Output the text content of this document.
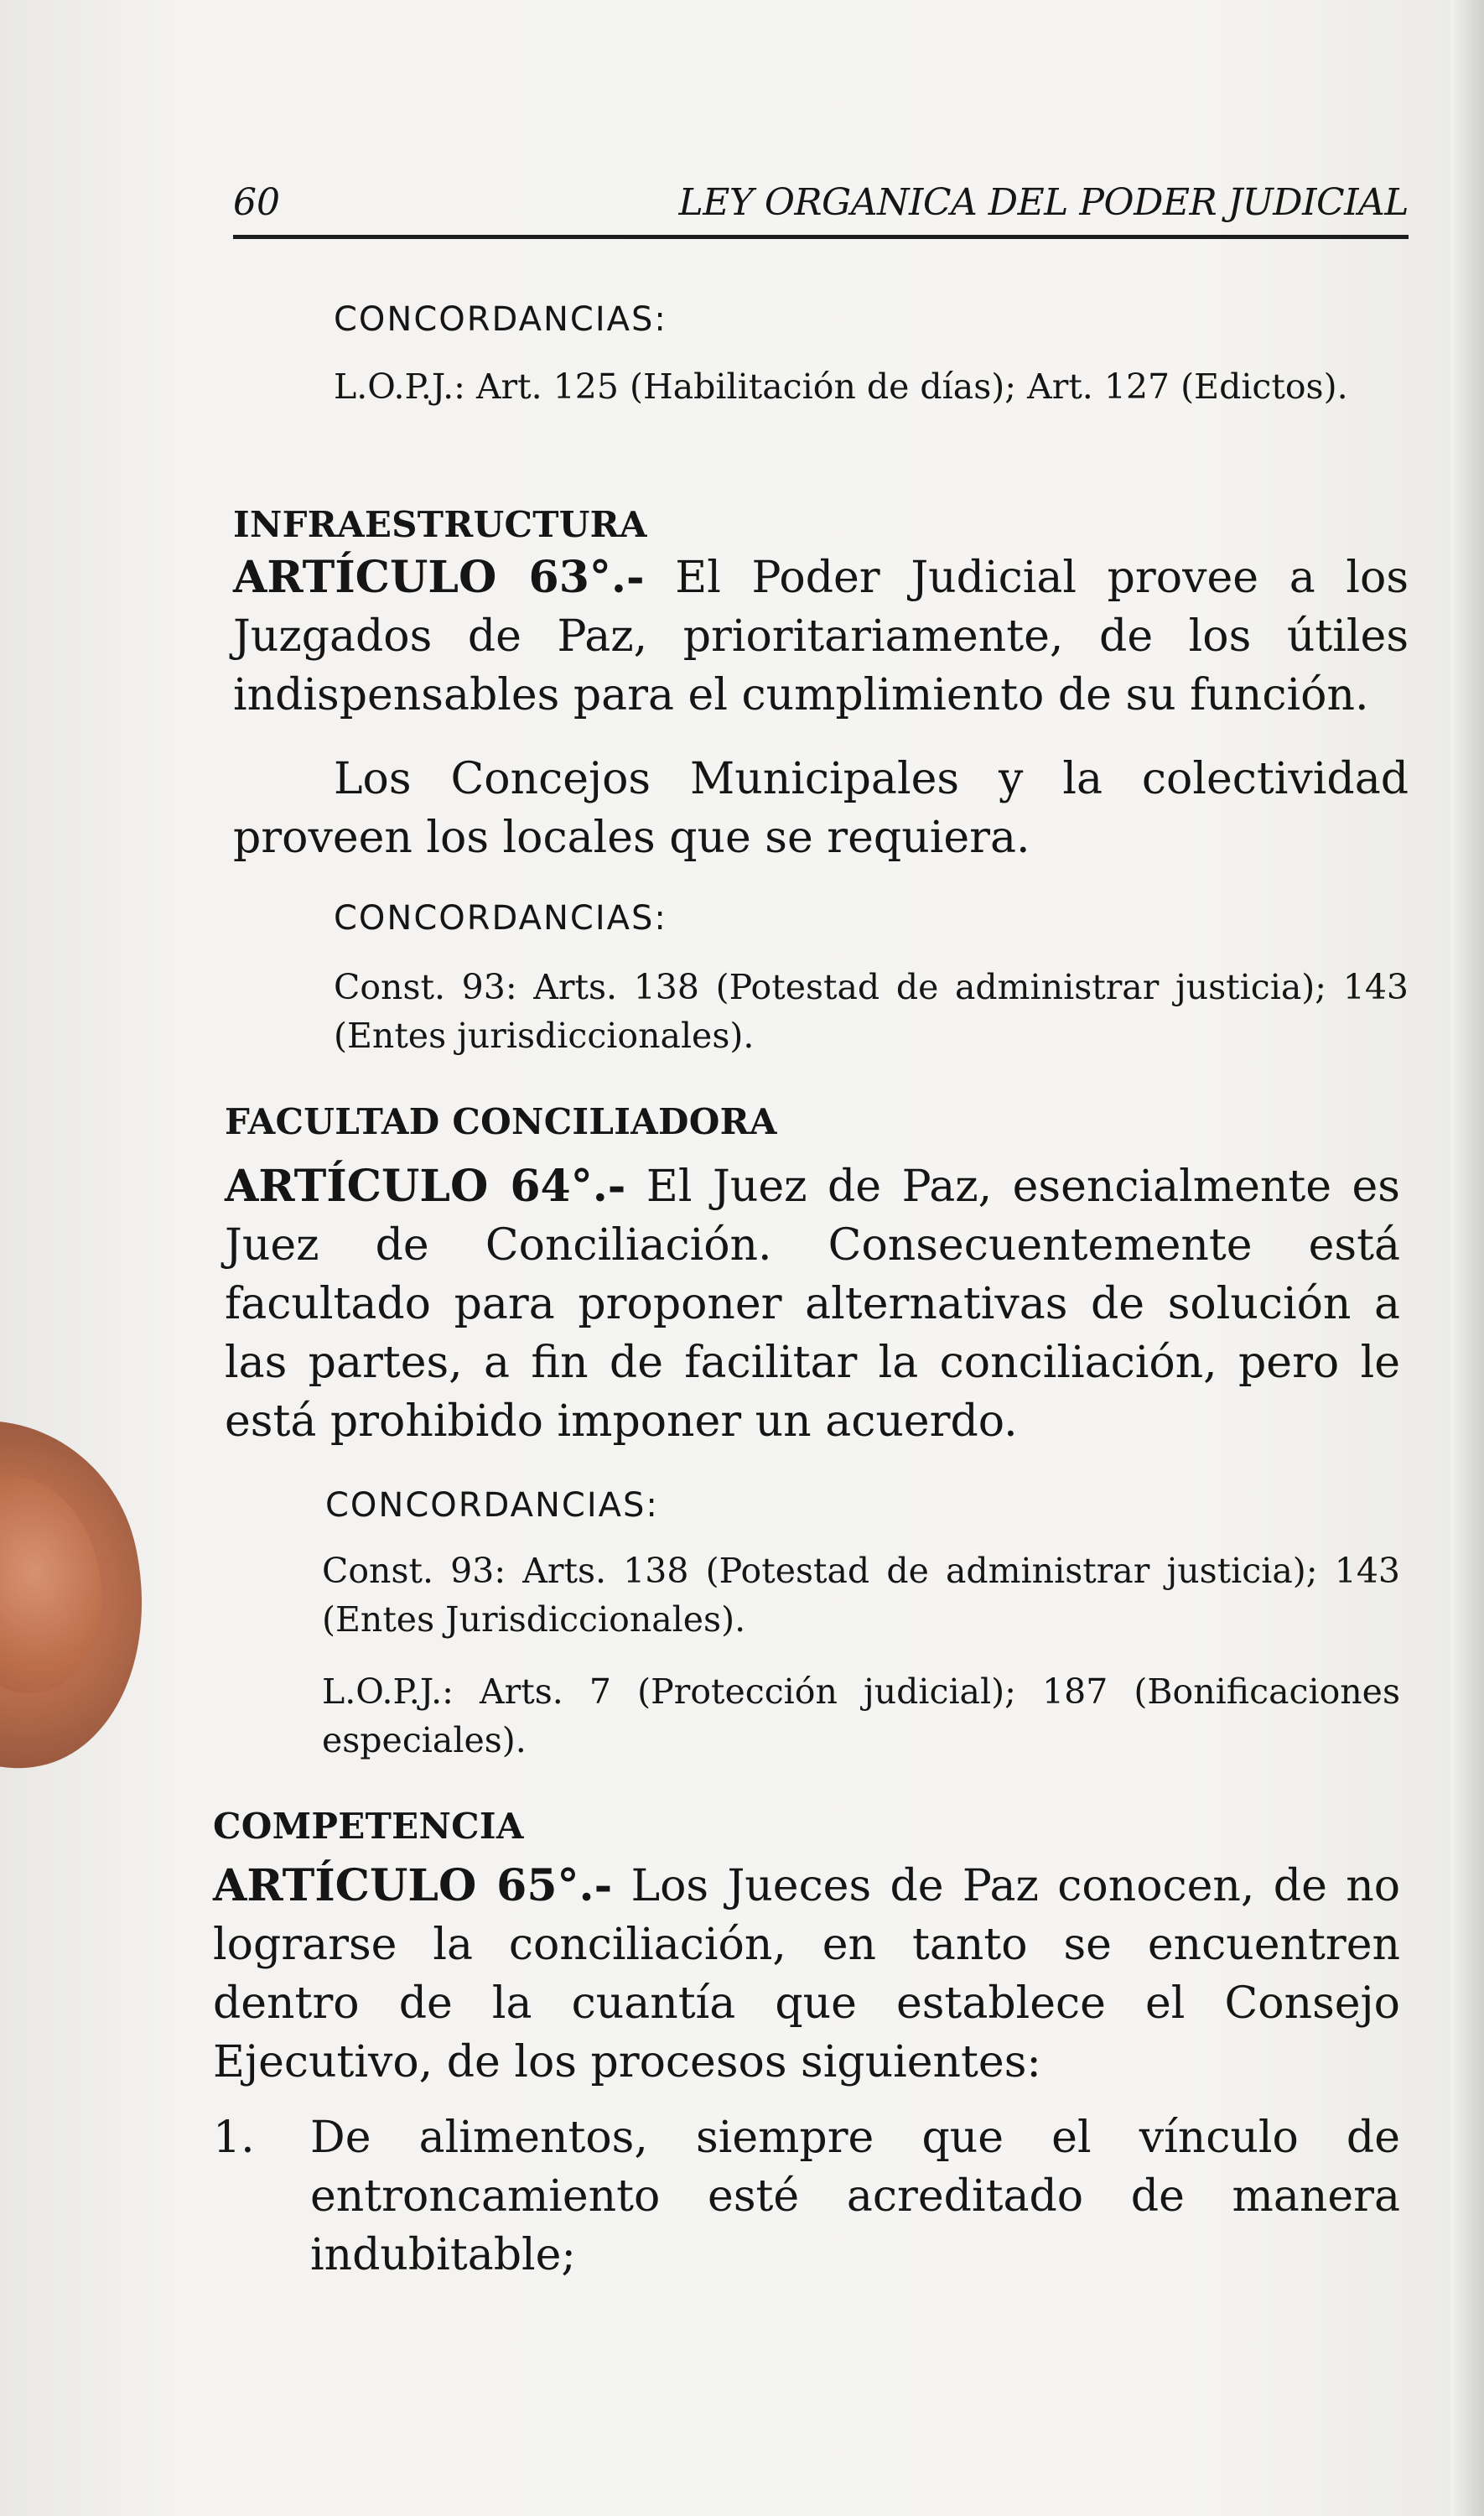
60	LEY ORGANICA DEL PODER JUDICIAL
CONCORDANCIAS:

L.O.P.J.: Art. 125 (Habilitación de días); Art. 127 (Edictos).

INFRAESTRUCTURA

ARTÍCULO 63°.- El Poder Judicial provee a los Juzgados de Paz, prioritariamente, de los útiles indispensables para el cumplimiento de su función.

Los Concejos Municipales y la colectividad proveen los locales que se requiera.

CONCORDANCIAS:

Const. 93: Arts. 138 (Potestad de administrar justicia); 143 (Entes jurisdiccionales).

FACULTAD CONCILIADORA

ARTÍCULO 64°.- El Juez de Paz, esencialmente es Juez de Conciliación. Consecuentemente está facultado para proponer alternativas de solución a las partes, a fin de facilitar la conciliación, pero le está prohibido imponer un acuerdo.

CONCORDANCIAS:

Const. 93: Arts. 138 (Potestad de administrar justicia); 143 (Entes Jurisdiccionales).

L.O.P.J.: Arts. 7 (Protección judicial); 187 (Bonificaciones especiales).

COMPETENCIA

ARTÍCULO 65°.- Los Jueces de Paz conocen, de no lograrse la conciliación, en tanto se encuentren dentro de la cuantía que establece el Consejo Ejecutivo, de los procesos siguientes:

1. De alimentos, siempre que el vínculo de entroncamiento esté acreditado de manera indubitable;
